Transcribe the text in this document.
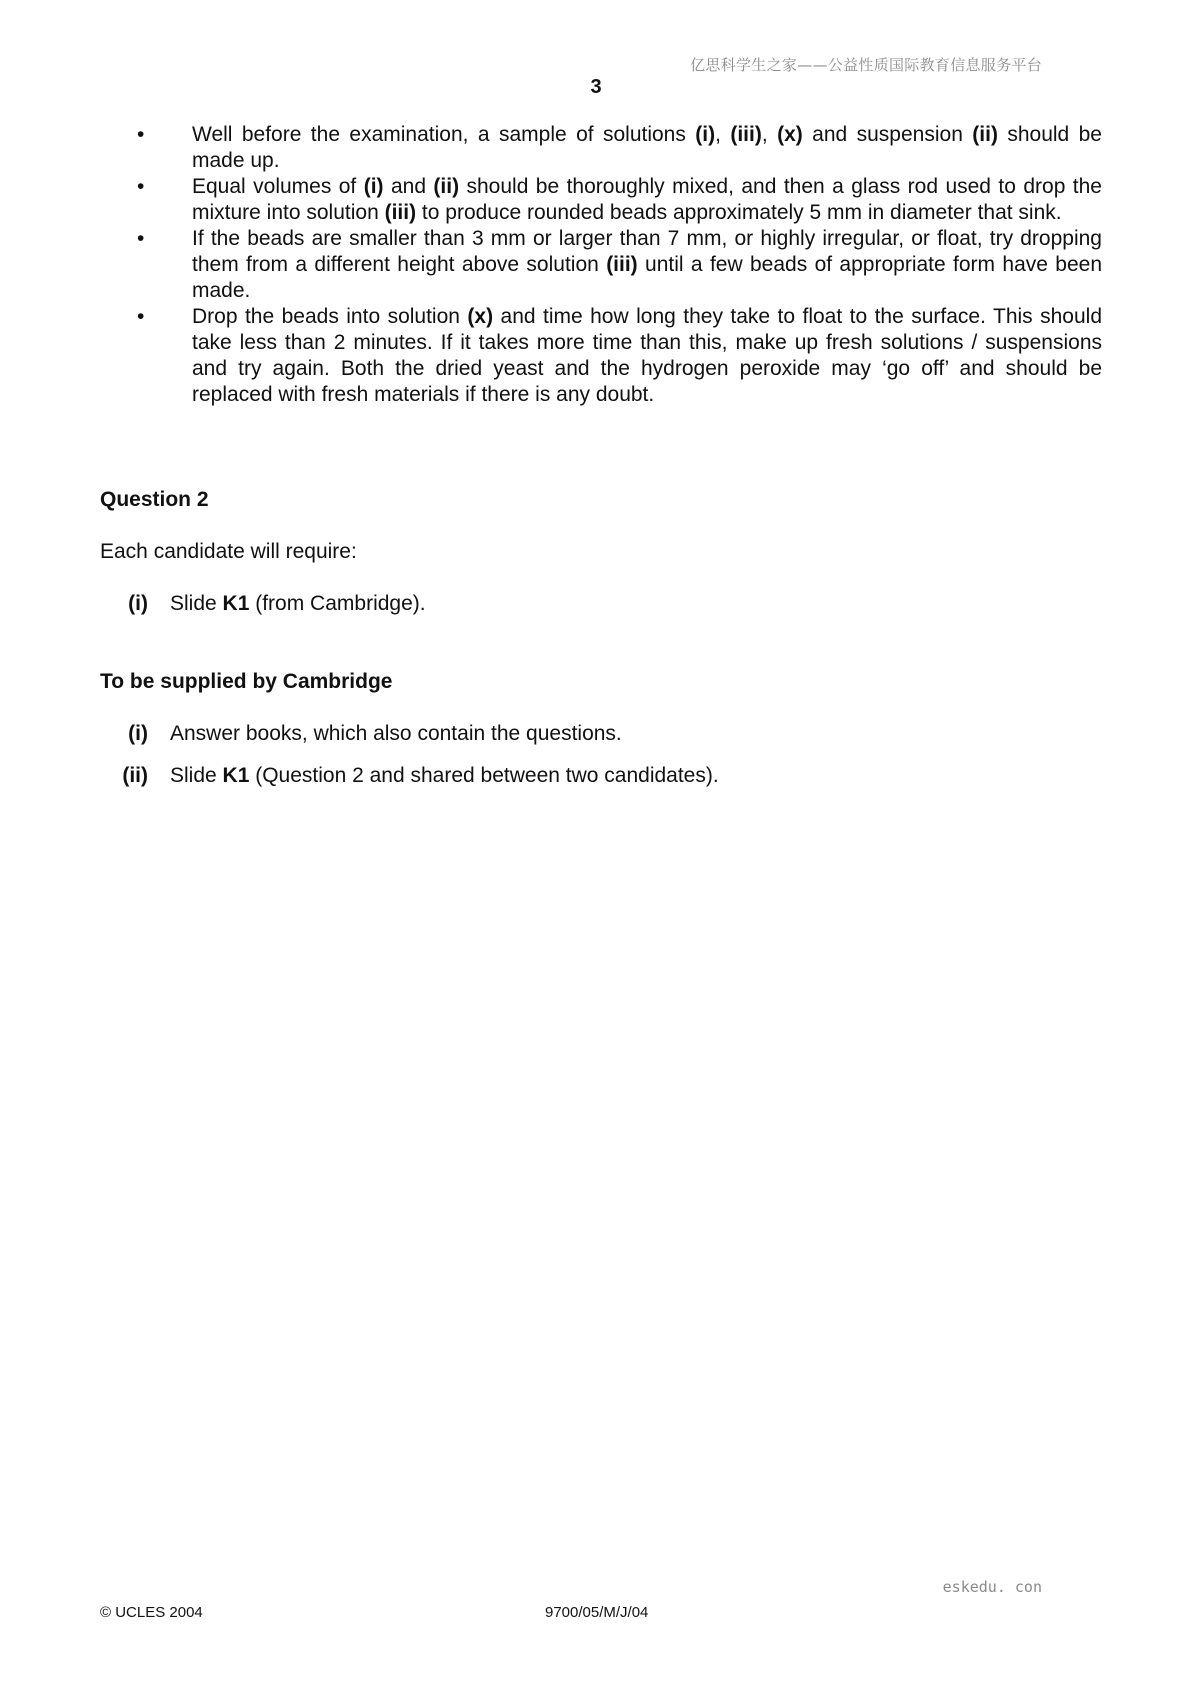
亿思科学生之家——公益性质国际教育信息服务平台
3
•	Well before the examination, a sample of solutions (i), (iii), (x) and suspension (ii) should be made up.
•	Equal volumes of (i) and (ii) should be thoroughly mixed, and then a glass rod used to drop the mixture into solution (iii) to produce rounded beads approximately 5 mm in diameter that sink.
•	If the beads are smaller than 3 mm or larger than 7 mm, or highly irregular, or float, try dropping them from a different height above solution (iii) until a few beads of appropriate form have been made.
•	Drop the beads into solution (x) and time how long they take to float to the surface. This should take less than 2 minutes. If it takes more time than this, make up fresh solutions / suspensions and try again. Both the dried yeast and the hydrogen peroxide may ‘go off’ and should be replaced with fresh materials if there is any doubt.
Question 2
Each candidate will require:
(i)	Slide K1 (from Cambridge).
To be supplied by Cambridge
(i)	Answer books, which also contain the questions.
(ii)	Slide K1 (Question 2 and shared between two candidates).
eskedu. con
© UCLES 2004	9700/05/M/J/04
